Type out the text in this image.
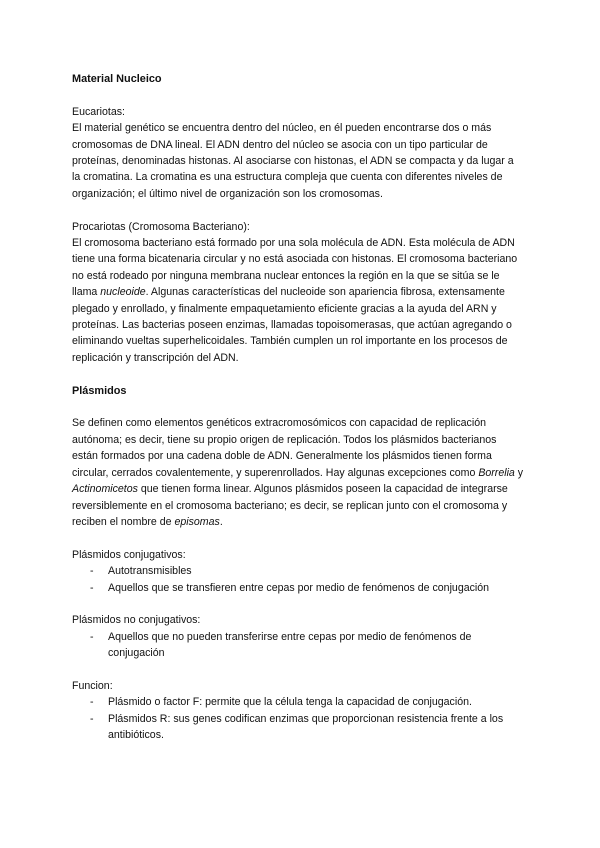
Material Nucleico

Eucariotas:

El material genético se encuentra dentro del núcleo, en él pueden encontrarse dos o más cromosomas de DNA lineal. El ADN dentro del núcleo se asocia con un tipo particular de proteínas, denominadas histonas. Al asociarse con histonas, el ADN se compacta y da lugar a la cromatina. La cromatina es una estructura compleja que cuenta con diferentes niveles de organización; el último nivel de organización son los cromosomas.

Procariotas (Cromosoma Bacteriano):

El cromosoma bacteriano está formado por una sola molécula de ADN. Esta molécula de ADN tiene una forma bicatenaria circular y no está asociada con histonas. El cromosoma bacteriano no está rodeado por ninguna membrana nuclear entonces la región en la que se sitúa se le llama nucleoide. Algunas características del nucleoide son apariencia fibrosa, extensamente plegado y enrollado, y finalmente empaquetamiento eficiente gracias a la ayuda del ARN y proteínas. Las bacterias poseen enzimas, llamadas topoisomerasas, que actúan agregando o eliminando vueltas superhelicoidales. También cumplen un rol importante en los procesos de replicación y transcripción del ADN.

Plásmidos

Se definen como elementos genéticos extracromosómicos con capacidad de replicación autónoma; es decir, tiene su propio origen de replicación. Todos los plásmidos bacterianos están formados por una cadena doble de ADN. Generalmente los plásmidos tienen forma circular, cerrados covalentemente, y superenrollados. Hay algunas excepciones como Borrelia y Actinomicetos que tienen forma linear. Algunos plásmidos poseen la capacidad de integrarse reversiblemente en el cromosoma bacteriano; es decir, se replican junto con el cromosoma y reciben el nombre de episomas.

Plásmidos conjugativos:

- Autotransmisibles
- Aquellos que se transfieren entre cepas por medio de fenómenos de conjugación

Plásmidos no conjugativos:

- Aquellos que no pueden transferirse entre cepas por medio de fenómenos de conjugación

Funcion:

- Plásmido o factor F: permite que la célula tenga la capacidad de conjugación.
- Plásmidos R: sus genes codifican enzimas que proporcionan resistencia frente a los antibióticos.
